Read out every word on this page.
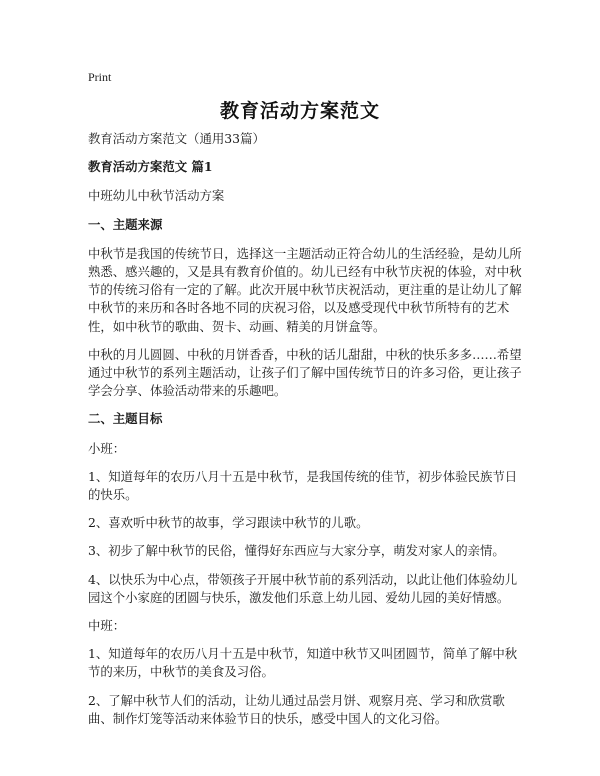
Print
教育活动方案范文

教育活动方案范文（通用33篇）

教育活动方案范文 篇1

中班幼儿中秋节活动方案

一、主题来源

中秋节是我国的传统节日，选择这一主题活动正符合幼儿的生活经验，是幼儿所熟悉、感兴趣的，又是具有教育价值的。幼儿已经有中秋节庆祝的体验，对中秋节的传统习俗有一定的了解。此次开展中秋节庆祝活动，更注重的是让幼儿了解中秋节的来历和各时各地不同的庆祝习俗，以及感受现代中秋节所特有的艺术性，如中秋节的歌曲、贺卡、动画、精美的月饼盒等。

中秋的月儿圆圆、中秋的月饼香香，中秋的话儿甜甜，中秋的快乐多多……希望通过中秋节的系列主题活动，让孩子们了解中国传统节日的许多习俗，更让孩子学会分享、体验活动带来的乐趣吧。

二、主题目标

小班：

1、知道每年的农历八月十五是中秋节，是我国传统的佳节，初步体验民族节日的快乐。

2、喜欢听中秋节的故事，学习跟读中秋节的儿歌。

3、初步了解中秋节的民俗，懂得好东西应与大家分享，萌发对家人的亲情。

4、以快乐为中心点，带领孩子开展中秋节前的系列活动，以此让他们体验幼儿园这个小家庭的团圆与快乐，激发他们乐意上幼儿园、爱幼儿园的美好情感。

中班：

1、知道每年的农历八月十五是中秋节，知道中秋节又叫团圆节，简单了解中秋节的来历，中秋节的美食及习俗。

2、了解中秋节人们的活动，让幼儿通过品尝月饼、观察月亮、学习和欣赏歌曲、制作灯笼等活动来体验节日的快乐，感受中国人的文化习俗。
